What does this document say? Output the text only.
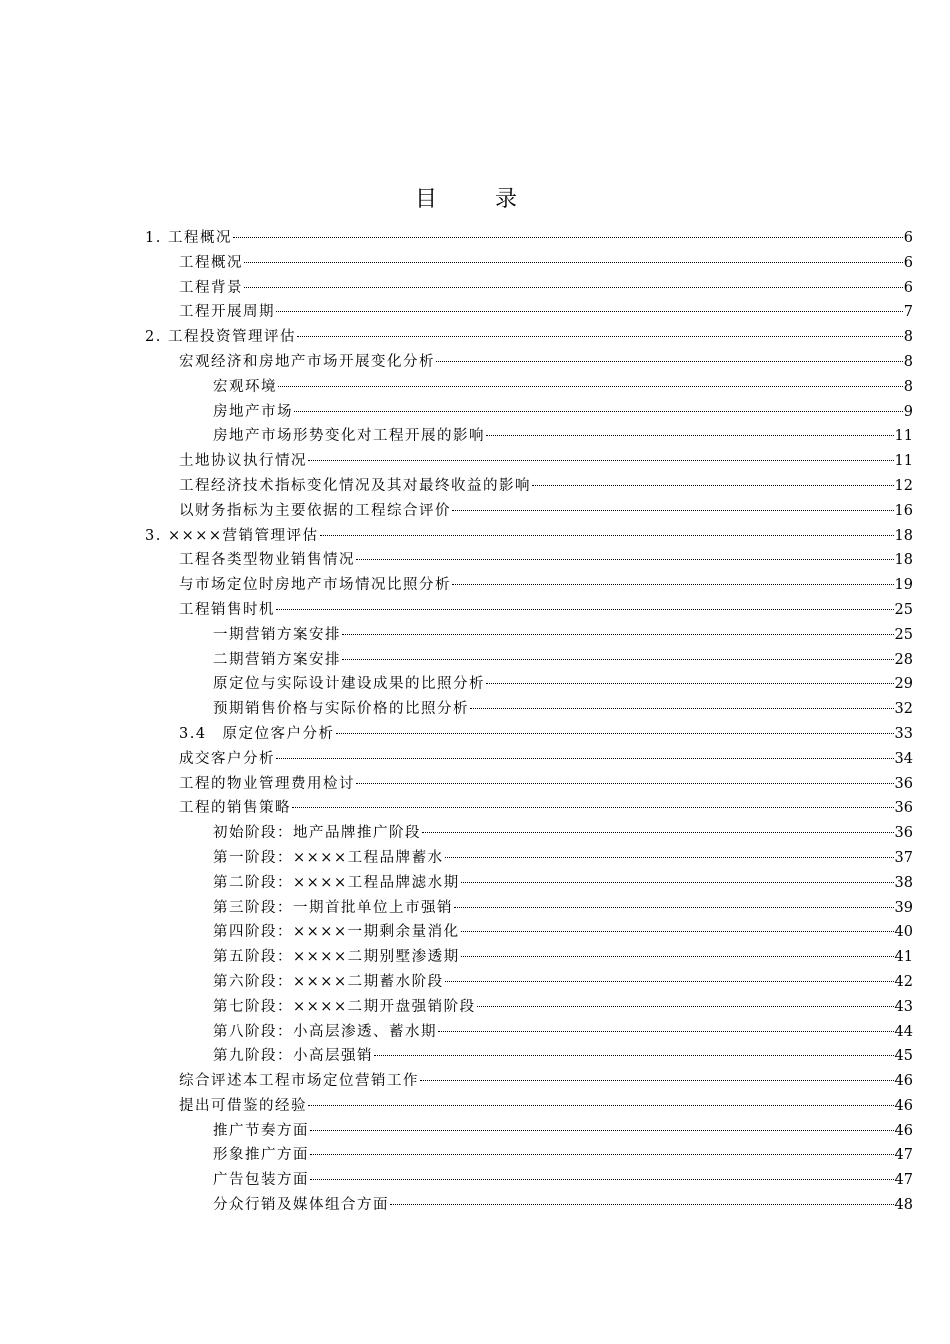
目　录
1. 工程概况	6
工程概况	6
工程背景	6
工程开展周期	7
2. 工程投资管理评估	8
宏观经济和房地产市场开展变化分析	8
宏观环境	8
房地产市场	9
房地产市场形势变化对工程开展的影响	11
土地协议执行情况	11
工程经济技术指标变化情况及其对最终收益的影响	12
以财务指标为主要依据的工程综合评价	16
3. ××××营销管理评估	18
工程各类型物业销售情况	18
与市场定位时房地产市场情况比照分析	19
工程销售时机	25
一期营销方案安排	25
二期营销方案安排	28
原定位与实际设计建设成果的比照分析	29
预期销售价格与实际价格的比照分析	32
3.4　原定位客户分析	33
成交客户分析	34
工程的物业管理费用检讨	36
工程的销售策略	36
初始阶段：地产品牌推广阶段	36
第一阶段：××××工程品牌蓄水	37
第二阶段：××××工程品牌滤水期	38
第三阶段：一期首批单位上市强销	39
第四阶段：××××一期剩余量消化	40
第五阶段：××××二期别墅渗透期	41
第六阶段：××××二期蓄水阶段	42
第七阶段：××××二期开盘强销阶段	43
第八阶段：小高层渗透、蓄水期	44
第九阶段：小高层强销	45
综合评述本工程市场定位营销工作	46
提出可借鉴的经验	46
推广节奏方面	46
形象推广方面	47
广告包装方面	47
分众行销及媒体组合方面	48
